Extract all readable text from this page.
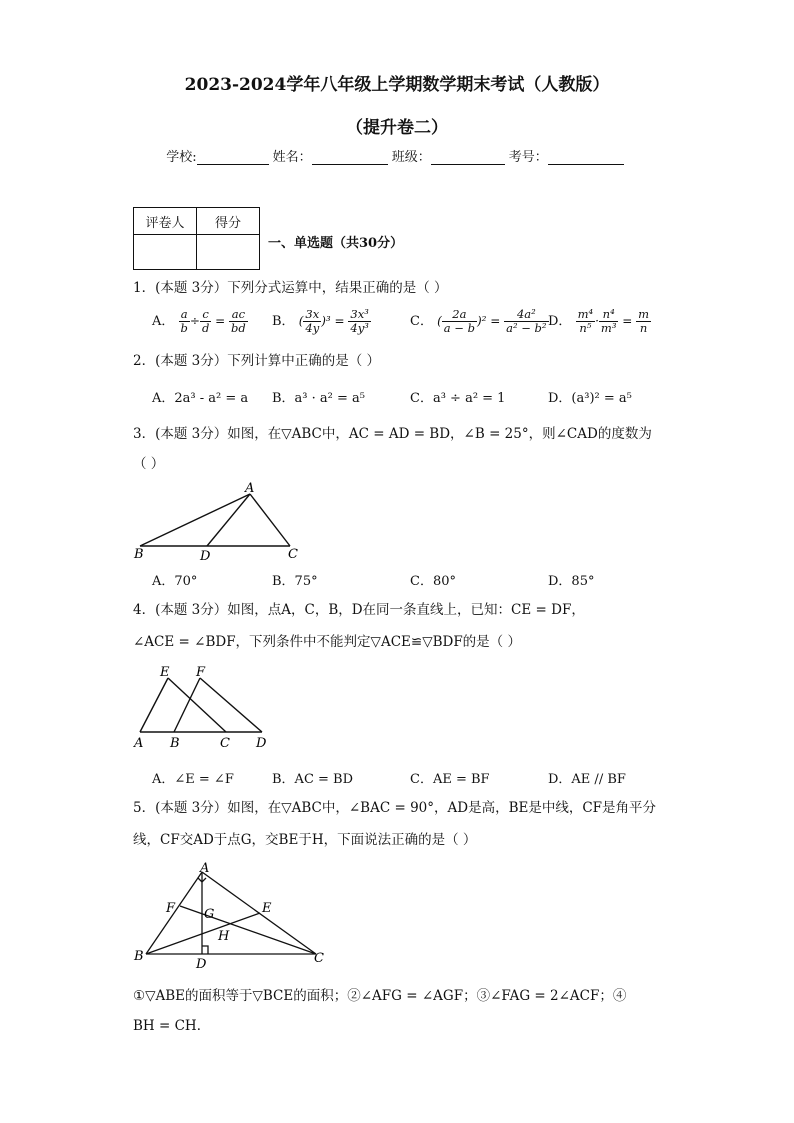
2023-2024学年八年级上学期数学期末考试（人教版）
（提升卷二）
学校:	姓名：	班级：	考号：
评卷人	得分

一、单选题（共30分）
1．(本题 3分）下列分式运算中，结果正确的是（ ）
A． $\frac{a}{b} \div \frac{c}{d} = \frac{ac}{bd}$ B． ( $\frac{3x}{4y} )^3 = \frac{\text{3x³}}{\text{4y³}}$	C． ( $\frac{2a}{a - b} )^2 = \frac{\text{4a²}}{\text{a² − b²}}$ D． $\frac{\text{m⁴}}{\text{n⁵}} \cdot \frac{\text{n⁴}}{\text{m³}} = \frac{m}{n}$
2．(本题 3分）下列计算中正确的是（ ）
A．2a³ - a² = a B．a³ · a² = a⁵	C．a³ ÷ a² = 1	D．(a³)² = a⁵
3．(本题 3分）如图，在▽ABC中，AC = AD = BD，∠B = 25°，则∠CAD的度数为
（ ）
A
B	D	C
A．70°	B．75°	C．80°	D．85°
4．(本题 3分）如图，点A，C，B，D在同一条直线上，已知：CE = DF，
∠ACE = ∠BDF，下列条件中不能判定▽ACE≌▽BDF的是（ ）
E F
A B	C D
A．∠E = ∠F	B．AC = BD	C．AE = BF	D．AE // BF
5．(本题 3分）如图，在▽ABC中，∠BAC = 90°，AD是高，BE是中线，CF是角平分
线，CF交AD于点G，交BE于H，下面说法正确的是（ ）
A
B	C
D
E
F G
H
①▽ABE的面积等于▽BCE的面积；②∠AFG = ∠AGF；③∠FAG = 2∠ACF；④
BH = CH．
